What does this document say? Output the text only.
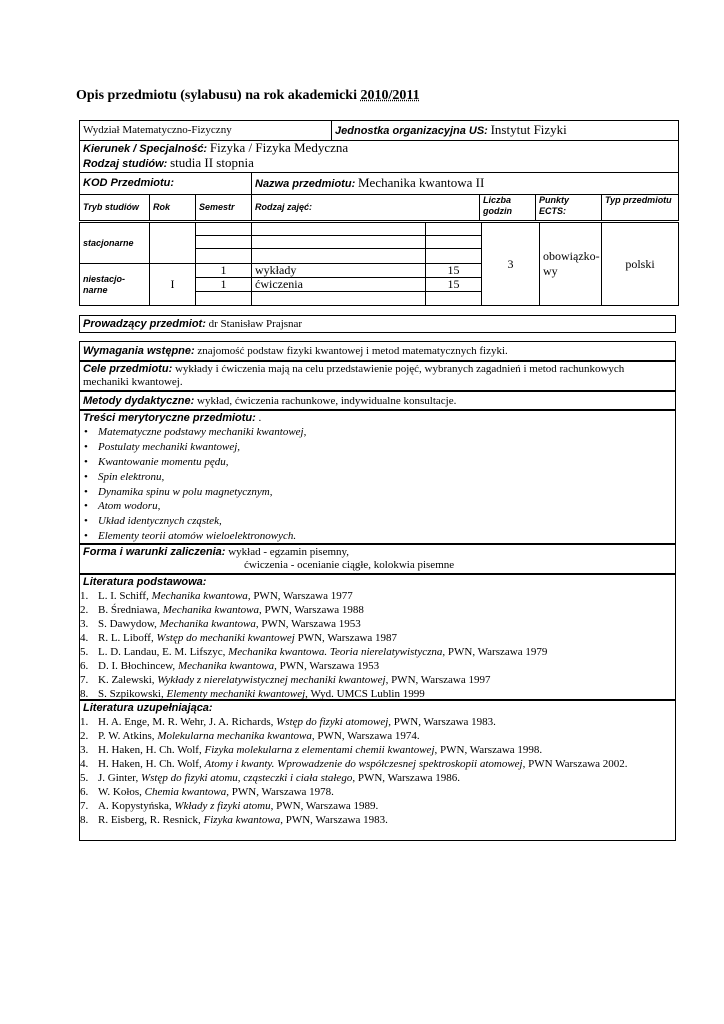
Opis przedmiotu (sylabusu) na rok akademicki 2010/2011
Wydział Matematyczno-Fizyczny				Jednostka organizacyjna US: Instytut Fizyki			
Kierunek / Specjalność: Fizyka / Fizyka Medyczna
Rodzaj studiów: studia II stopnia							
KOD Przedmiotu:			Nazwa przedmiotu: Mechanika kwantowa II				
Tryb studiów	Rok	Semestr	Rodzaj zajęć:		Liczba godzin	Punkty ECTS:	Typ przedmiotu
stacjonarne					3	obowiązko-wy	polski

niestacjo-narne	I	1	wykłady	15			
		1	ćwiczenia	15			

Prowadzący przedmiot: dr Stanisław Prajsnar
Wymagania wstępne: znajomość podstaw fizyki kwantowej i metod matematycznych fizyki.
Cele przedmiotu: wykłady i ćwiczenia mają na celu przedstawienie pojęć, wybranych zagadnień i metod rachunkowych mechaniki kwantowej.
Metody dydaktyczne: wykład, ćwiczenia rachunkowe, indywidualne konsultacje.
Treści merytoryczne przedmiotu: .
• Matematyczne podstawy mechaniki kwantowej,
• Postulaty mechaniki kwantowej,
• Kwantowanie momentu pędu,
• Spin elektronu,
• Dynamika spinu w polu magnetycznym,
• Atom wodoru,
• Układ identycznych cząstek,
• Elementy teorii atomów wieloelektronowych.
Forma i warunki zaliczenia: wykład - egzamin pisemny,
ćwiczenia - ocenianie ciągłe, kolokwia pisemne
Literatura podstawowa:
1. L. I. Schiff, Mechanika kwantowa, PWN, Warszawa 1977
2. B. Średniawa, Mechanika kwantowa, PWN, Warszawa 1988
3. S. Dawydow, Mechanika kwantowa, PWN, Warszawa 1953
4. R. L. Liboff, Wstęp do mechaniki kwantowej PWN, Warszawa 1987
5. L. D. Landau, E. M. Lifszyc, Mechanika kwantowa. Teoria nierelatywistyczna, PWN, Warszawa 1979
6. D. I. Błochincew, Mechanika kwantowa, PWN, Warszawa 1953
7. K. Zalewski, Wykłady z nierelatywistycznej mechaniki kwantowej, PWN, Warszawa 1997
8. S. Szpikowski, Elementy mechaniki kwantowej, Wyd. UMCS Lublin 1999
Literatura uzupełniająca:
1. H. A. Enge, M. R. Wehr, J. A. Richards, Wstęp do fizyki atomowej, PWN, Warszawa 1983.
2. P. W. Atkins, Molekularna mechanika kwantowa, PWN, Warszawa 1974.
3. H. Haken, H. Ch. Wolf, Fizyka molekularna z elementami chemii kwantowej, PWN, Warszawa 1998.
4. H. Haken, H. Ch. Wolf, Atomy i kwanty. Wprowadzenie do współczesnej spektroskopii atomowej, PWN Warszawa 2002.
5. J. Ginter, Wstęp do fizyki atomu, cząsteczki i ciała stałego, PWN, Warszawa 1986.
6. W. Kołos, Chemia kwantowa, PWN, Warszawa 1978.
7. A. Kopystyńska, Wkłady z fizyki atomu, PWN, Warszawa 1989.
8. R. Eisberg, R. Resnick, Fizyka kwantowa, PWN, Warszawa 1983.
